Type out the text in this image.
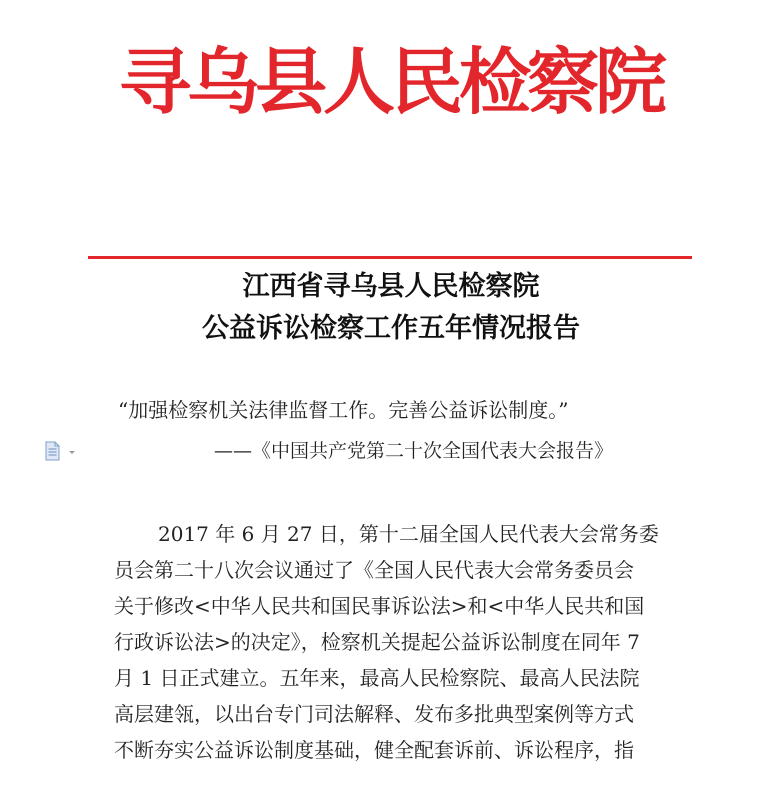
寻乌县人民检察院
江西省寻乌县人民检察院
公益诉讼检察工作五年情况报告
“加强检察机关法律监督工作。完善公益诉讼制度。”
——《中国共产党第二十次全国代表大会报告》
2017 年 6 月 27 日，第十二届全国人民代表大会常务委
员会第二十八次会议通过了《全国人民代表大会常务委员会
关于修改<中华人民共和国民事诉讼法>和<中华人民共和国
行政诉讼法>的决定》，检察机关提起公益诉讼制度在同年 7
月 1 日正式建立。五年来，最高人民检察院、最高人民法院
高层建瓴，以出台专门司法解释、发布多批典型案例等方式
不断夯实公益诉讼制度基础，健全配套诉前、诉讼程序，指
